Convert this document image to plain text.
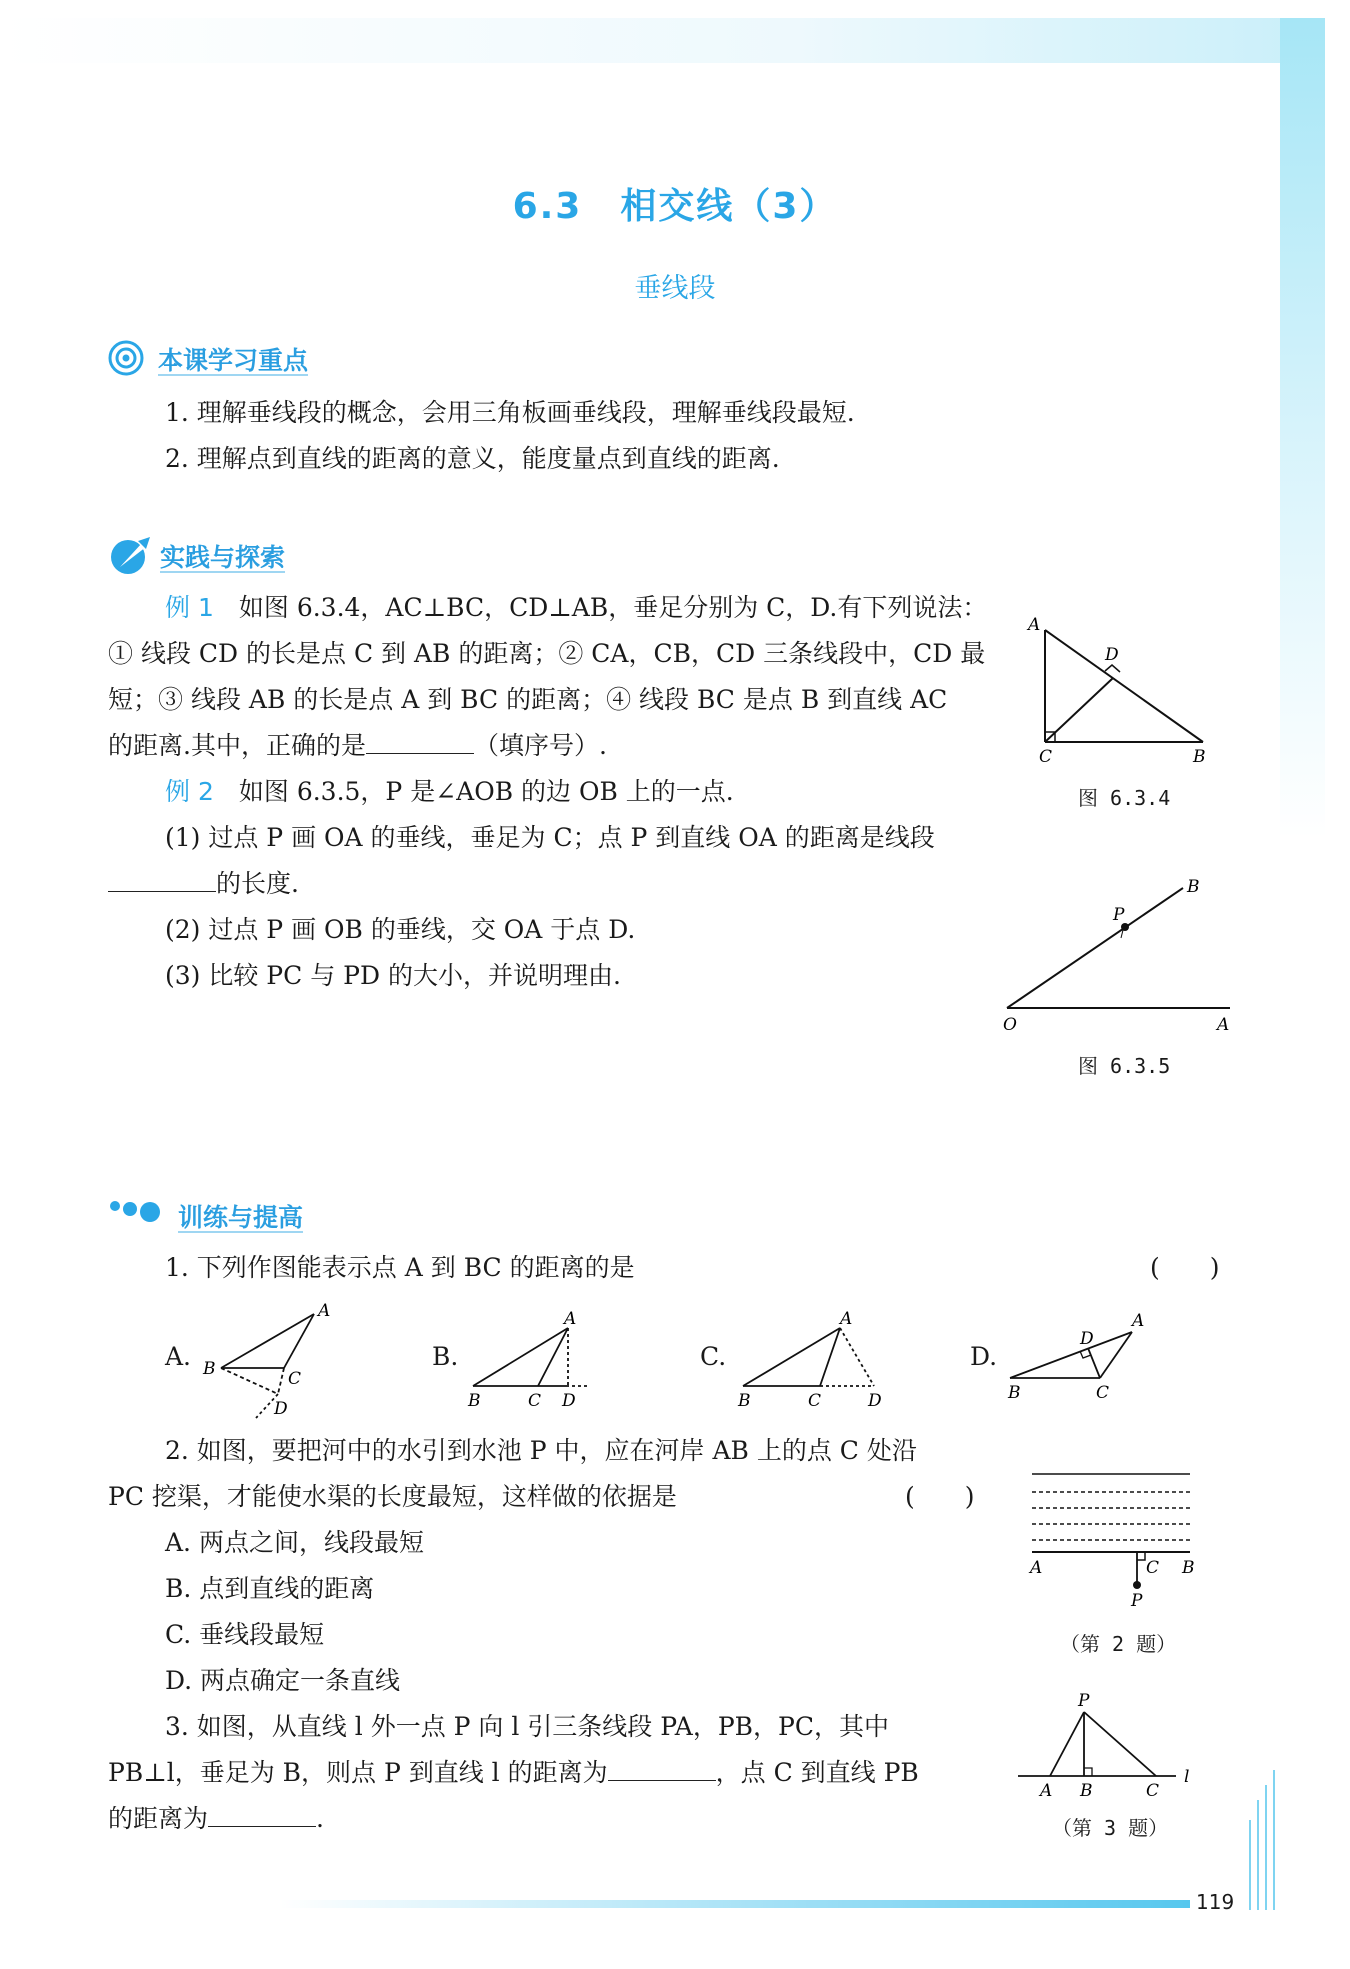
6.3　相交线（3）
垂线段
本课学习重点
1. 理解垂线段的概念，会用三角板画垂线段，理解垂线段最短.
2. 理解点到直线的距离的意义，能度量点到直线的距离.
实践与探索
例 1　 如图 6.3.4，AC⊥BC，CD⊥AB，垂足分别为 C，D.有下列说法：
① 线段 CD 的长是点 C 到 AB 的距离；② CA，CB，CD 三条线段中，CD 最
短；③ 线段 AB 的长是点 A 到 BC 的距离；④ 线段 BC 是点 B 到直线 AC
的距离.其中，正确的是	（填序号）.
例 2　 如图 6.3.5，P 是∠AOB 的边 OB 上的一点.
(1) 过点 P 画 OA 的垂线，垂足为 C；点 P 到直线 OA 的距离是线段
的长度.
(2) 过点 P 画 OB 的垂线，交 OA 于点 D.
(3) 比较 PC 与 PD 的大小，并说明理由.
A
D
C	B
图 6.3.4
B
P
O	A
图 6.3.5
训练与提高
1. 下列作图能表示点 A 到 BC 的距离的是	(　　)
A.
A
B	C
D
B.
A
B	C D
C.
A
B	C	D
D.
A
D
B	C
2. 如图，要把河中的水引到水池 P 中，应在河岸 AB 上的点 C 处沿
PC 挖渠，才能使水渠的长度最短，这样做的依据是	(　　)
A. 两点之间，线段最短
B. 点到直线的距离
C. 垂线段最短
D. 两点确定一条直线
A	C B
P
（第 2 题）
3. 如图，从直线 l 外一点 P 向 l 引三条线段 PA，PB，PC，其中
PB⊥l，垂足为 B，则点 P 到直线 l 的距离为	，点 C 到直线 PB
的距离为	.
P
A B	C
l
（第 3 题）
119
